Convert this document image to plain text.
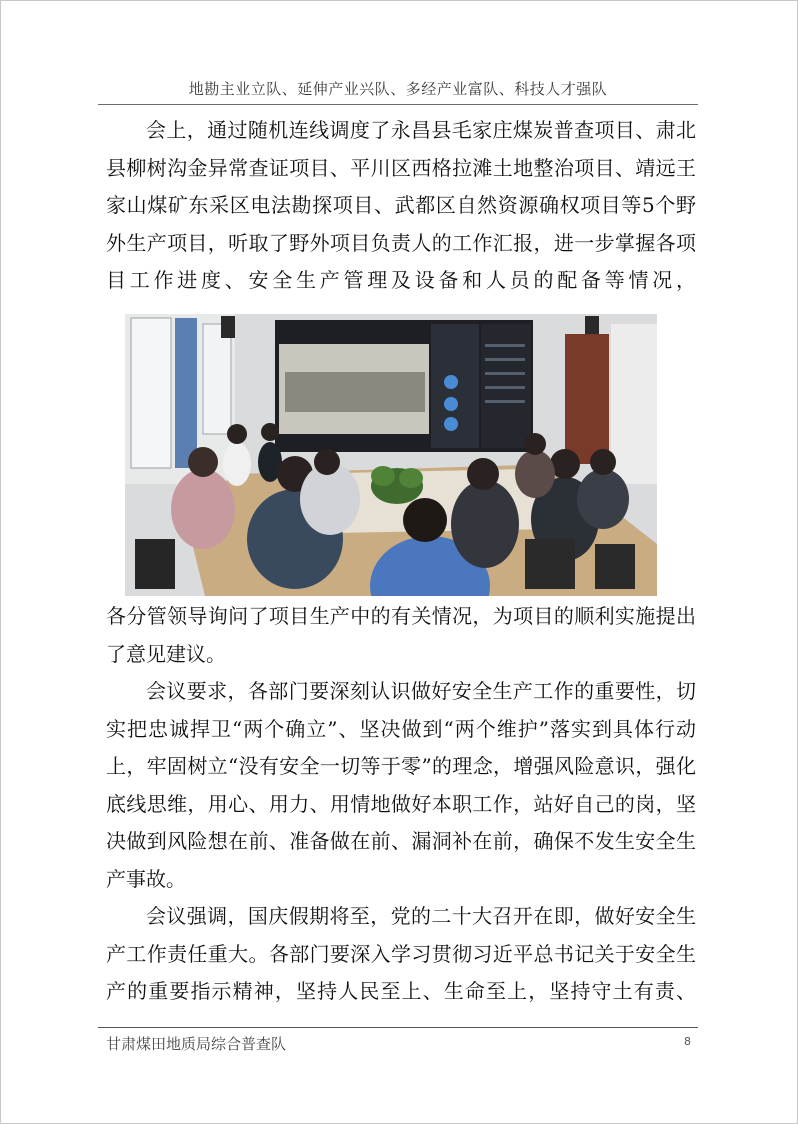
地勘主业立队、延伸产业兴队、多经产业富队、科技人才强队

会上，通过随机连线调度了永昌县毛家庄煤炭普查项目、肃北县柳树沟金异常查证项目、平川区西格拉滩土地整治项目、靖远王家山煤矿东采区电法勘探项目、武都区自然资源确权项目等5个野外生产项目，听取了野外项目负责人的工作汇报，进一步掌握各项目工作进度、安全生产管理及设备和人员的配备等情况，

各分管领导询问了项目生产中的有关情况，为项目的顺利实施提出了意见建议。

会议要求，各部门要深刻认识做好安全生产工作的重要性，切实把忠诚捍卫“两个确立”、坚决做到“两个维护”落实到具体行动上，牢固树立“没有安全一切等于零”的理念，增强风险意识，强化底线思维，用心、用力、用情地做好本职工作，站好自己的岗，坚决做到风险想在前、准备做在前、漏洞补在前，确保不发生安全生产事故。

会议强调，国庆假期将至，党的二十大召开在即，做好安全生产工作责任重大。各部门要深入学习贯彻习近平总书记关于安全生产的重要指示精神，坚持人民至上、生命至上，坚持守土有责、

甘肃煤田地质局综合普查队	8
